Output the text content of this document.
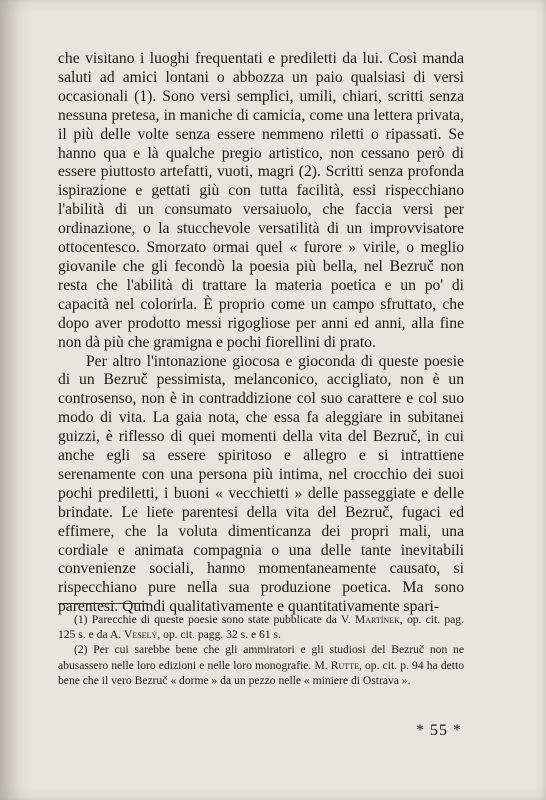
che visitano i luoghi frequentati e prediletti da lui. Così manda saluti ad amici lontani o abbozza un paio qualsiasi di versi occasionali (1). Sono versi semplici, umili, chiari, scritti senza nessuna pretesa, in maniche di camicia, come una lettera privata, il più delle volte senza essere nemmeno riletti o ripassati. Se hanno qua e là qualche pregio artistico, non cessano però di essere piuttosto artefatti, vuoti, magri (2). Scritti senza profonda ispirazione e gettati giù con tutta facilità, essi rispecchiano l'abilità di un consumato versaiuolo, che faccia versi per ordinazione, o la stucchevole versatilità di un improvvisatore ottocentesco. Smorzato ormai quel « furore » virile, o meglio giovanile che gli fecondò la poesia più bella, nel Bezruč non resta che l'abilità di trattare la materia poetica e un po' di capacità nel colorirla. È proprio come un campo sfruttato, che dopo aver prodotto messi rigogliose per anni ed anni, alla fine non dà più che gramigna e pochi fiorellini di prato.

Per altro l'intonazione giocosa e gioconda di queste poesie di un Bezruč pessimista, melanconico, accigliato, non è un controsenso, non è in contraddizione col suo carattere e col suo modo di vita. La gaia nota, che essa fa aleggiare in subitanei guizzi, è riflesso di quei momenti della vita del Bezruč, in cui anche egli sa essere spiritoso e allegro e si intrattiene serenamente con una persona più intima, nel crocchio dei suoi pochi prediletti, i buoni « vecchietti » delle passeggiate e delle brindate. Le liete parentesi della vita del Bezruč, fugaci ed effimere, che la voluta dimenticanza dei propri mali, una cordiale e animata compagnia o una delle tante inevitabili convenienze sociali, hanno momentaneamente causato, si rispecchiano pure nella sua produzione poetica. Ma sono parentesi. Quindi qualitativamente e quantitativamente spari-

(1) Parecchie di queste poesie sono state pubblicate da V. Martínek, op. cit. pag. 125 s. e da A. Veselý, op. cit. pagg. 32 s. e 61 s.

(2) Per cui sarebbe bene che gli ammiratori e gli studiosi del Bezruč non ne abusassero nelle loro edizioni e nelle loro monografie. M. Rutte, op. cit. p. 94 ha detto bene che il vero Bezruč « dorme » da un pezzo nelle « miniere di Ostrava ».

* 55 *
